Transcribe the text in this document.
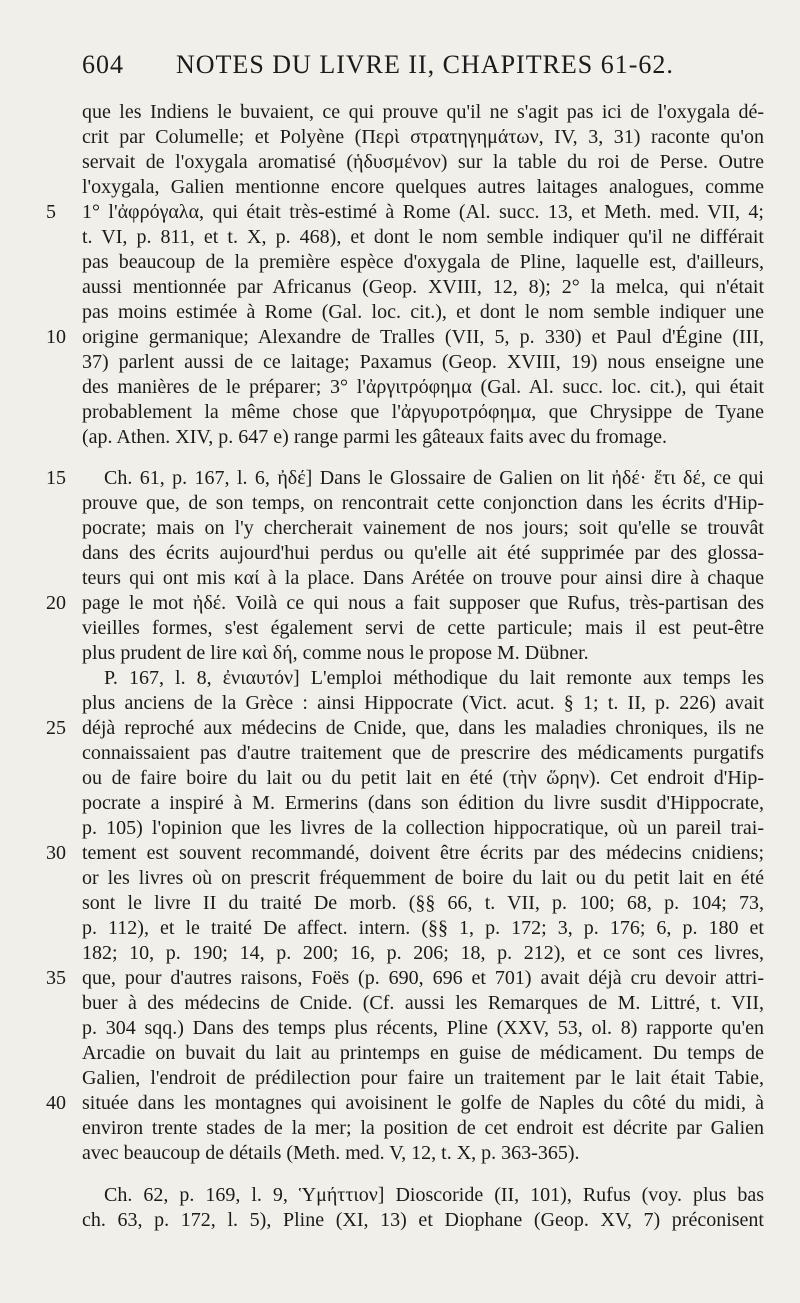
604 NOTES DU LIVRE II, CHAPITRES 61-62.
que les Indiens le buvaient, ce qui prouve qu'il ne s'agit pas ici de l'oxygala dé-
crit par Columelle; et Polyène (Περὶ στρατηγημάτων, IV, 3, 31) raconte qu'on
servait de l'oxygala aromatisé (ἡδυσμένον) sur la table du roi de Perse. Outre
l'oxygala, Galien mentionne encore quelques autres laitages analogues, comme
1° l'ἀφρόγαλα, qui était très-estimé à Rome (Al. succ. 13, et Meth. med. VII, 4;
t. VI, p. 811, et t. X, p. 468), et dont le nom semble indiquer qu'il ne différait
pas beaucoup de la première espèce d'oxygala de Pline, laquelle est, d'ailleurs,
aussi mentionnée par Africanus (Geop. XVIII, 12, 8); 2° la melca, qui n'était
pas moins estimée à Rome (Gal. loc. cit.), et dont le nom semble indiquer une
origine germanique; Alexandre de Tralles (VII, 5, p. 330) et Paul d'Égine (III,
37) parlent aussi de ce laitage; Paxamus (Geop. XVIII, 19) nous enseigne une
des manières de le préparer; 3° l'ἀργιτρόφημα (Gal. Al. succ. loc. cit.), qui était
probablement la même chose que l'ἀργυροτρόφημα, que Chrysippe de Tyane
(ap. Athen. XIV, p. 647 e) range parmi les gâteaux faits avec du fromage.
Ch. 61, p. 167, l. 6, ἠδέ] Dans le Glossaire de Galien on lit ἠδέ· ἔτι δέ, ce qui
prouve que, de son temps, on rencontrait cette conjonction dans les écrits d'Hip-
pocrate; mais on l'y chercherait vainement de nos jours; soit qu'elle se trouvât
dans des écrits aujourd'hui perdus ou qu'elle ait été supprimée par des glossa-
teurs qui ont mis καί à la place. Dans Arétée on trouve pour ainsi dire à chaque
page le mot ἠδέ. Voilà ce qui nous a fait supposer que Rufus, très-partisan des
vieilles formes, s'est également servi de cette particule; mais il est peut-être
plus prudent de lire καὶ δή, comme nous le propose M. Dübner.
P. 167, l. 8, ἐνιαυτόν] L'emploi méthodique du lait remonte aux temps les
plus anciens de la Grèce : ainsi Hippocrate (Vict. acut. § 1; t. II, p. 226) avait
déjà reproché aux médecins de Cnide, que, dans les maladies chroniques, ils ne
connaissaient pas d'autre traitement que de prescrire des médicaments purgatifs
ou de faire boire du lait ou du petit lait en été (τὴν ὥρην). Cet endroit d'Hip-
pocrate a inspiré à M. Ermerins (dans son édition du livre susdit d'Hippocrate,
p. 105) l'opinion que les livres de la collection hippocratique, où un pareil trai-
tement est souvent recommandé, doivent être écrits par des médecins cnidiens;
or les livres où on prescrit fréquemment de boire du lait ou du petit lait en été
sont le livre II du traité De morb. (§§ 66, t. VII, p. 100; 68, p. 104; 73,
p. 112), et le traité De affect. intern. (§§ 1, p. 172; 3, p. 176; 6, p. 180 et
182; 10, p. 190; 14, p. 200; 16, p. 206; 18, p. 212), et ce sont ces livres,
que, pour d'autres raisons, Foës (p. 690, 696 et 701) avait déjà cru devoir attri-
buer à des médecins de Cnide. (Cf. aussi les Remarques de M. Littré, t. VII,
p. 304 sqq.) Dans des temps plus récents, Pline (XXV, 53, ol. 8) rapporte qu'en
Arcadie on buvait du lait au printemps en guise de médicament. Du temps de
Galien, l'endroit de prédilection pour faire un traitement par le lait était Tabie,
située dans les montagnes qui avoisinent le golfe de Naples du côté du midi, à
environ trente stades de la mer; la position de cet endroit est décrite par Galien
avec beaucoup de détails (Meth. med. V, 12, t. X, p. 363-365).
Ch. 62, p. 169, l. 9, Ὑμήττιον] Dioscoride (II, 101), Rufus (voy. plus bas
ch. 63, p. 172, l. 5), Pline (XI, 13) et Diophane (Geop. XV, 7) préconisent
5
10
15
20
25
30
35
40
